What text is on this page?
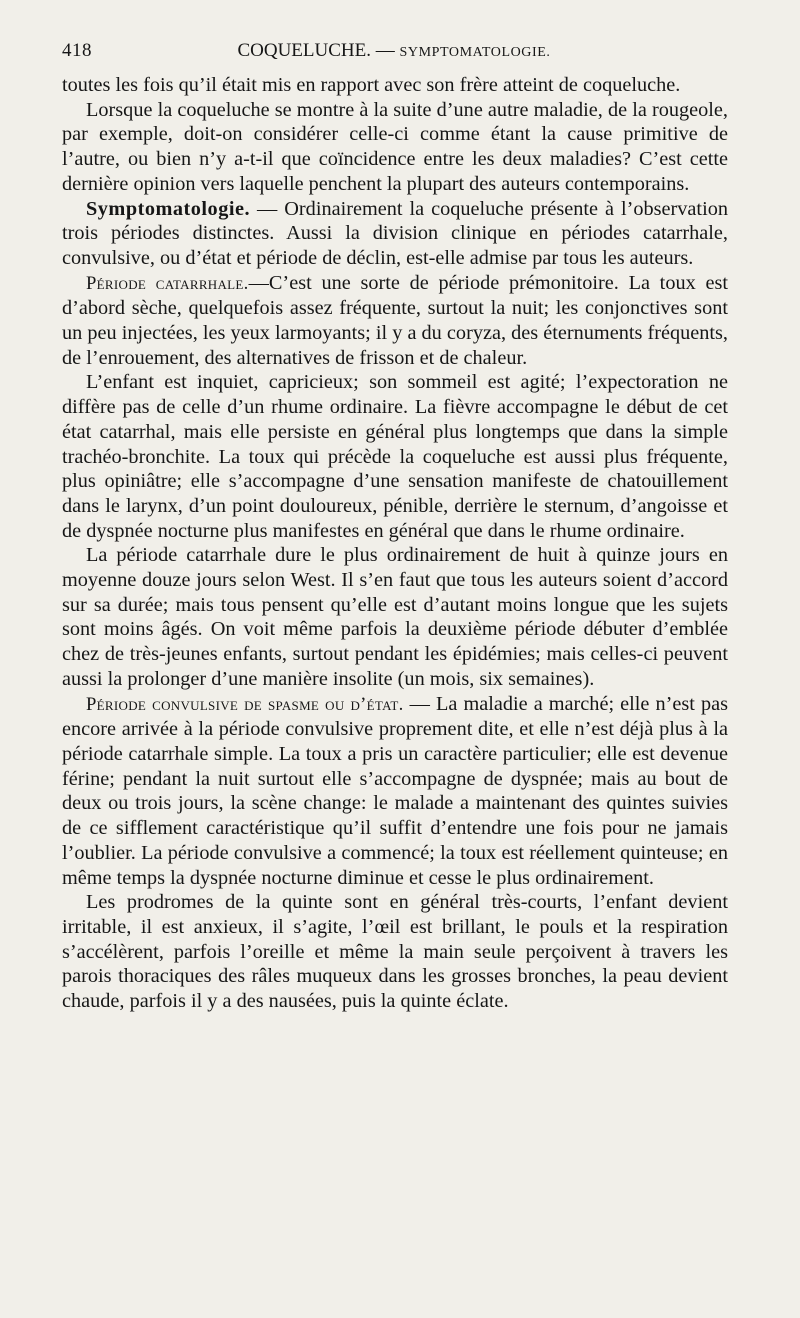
418	COQUELUCHE. — SYMPTOMATOLOGIE.

toutes les fois qu’il était mis en rapport avec son frère atteint de coqueluche.

Lorsque la coqueluche se montre à la suite d’une autre maladie, de la rougeole, par exemple, doit-on considérer celle-ci comme étant la cause primitive de l’autre, ou bien n’y a-t-il que coïncidence entre les deux maladies? C’est cette dernière opinion vers laquelle penchent la plupart des auteurs contemporains.

Symptomatologie. — Ordinairement la coqueluche présente à l’observation trois périodes distinctes. Aussi la division clinique en périodes catarrhale, convulsive, ou d’état et période de déclin, est-elle admise par tous les auteurs.

Période catarrhale.—C’est une sorte de période prémonitoire. La toux est d’abord sèche, quelquefois assez fréquente, surtout la nuit; les conjonctives sont un peu injectées, les yeux larmoyants; il y a du coryza, des éternuments fréquents, de l’enrouement, des alternatives de frisson et de chaleur.

L’enfant est inquiet, capricieux; son sommeil est agité; l’expectoration ne diffère pas de celle d’un rhume ordinaire. La fièvre accompagne le début de cet état catarrhal, mais elle persiste en général plus longtemps que dans la simple trachéo-bronchite. La toux qui précède la coqueluche est aussi plus fréquente, plus opiniâtre; elle s’accompagne d’une sensation manifeste de chatouillement dans le larynx, d’un point douloureux, pénible, derrière le sternum, d’angoisse et de dyspnée nocturne plus manifestes en général que dans le rhume ordinaire.

La période catarrhale dure le plus ordinairement de huit à quinze jours en moyenne douze jours selon West. Il s’en faut que tous les auteurs soient d’accord sur sa durée; mais tous pensent qu’elle est d’autant moins longue que les sujets sont moins âgés. On voit même parfois la deuxième période débuter d’emblée chez de très-jeunes enfants, surtout pendant les épidémies; mais celles-ci peuvent aussi la prolonger d’une manière insolite (un mois, six semaines).

Période convulsive de spasme ou d’état. — La maladie a marché; elle n’est pas encore arrivée à la période convulsive proprement dite, et elle n’est déjà plus à la période catarrhale simple. La toux a pris un caractère particulier; elle est devenue férine; pendant la nuit surtout elle s’accompagne de dyspnée; mais au bout de deux ou trois jours, la scène change: le malade a maintenant des quintes suivies de ce sifflement caractéristique qu’il suffit d’entendre une fois pour ne jamais l’oublier. La période convulsive a commencé; la toux est réellement quinteuse; en même temps la dyspnée nocturne diminue et cesse le plus ordinairement.

Les prodromes de la quinte sont en général très-courts, l’enfant devient irritable, il est anxieux, il s’agite, l’œil est brillant, le pouls et la respiration s’accélèrent, parfois l’oreille et même la main seule perçoivent à travers les parois thoraciques des râles muqueux dans les grosses bronches, la peau devient chaude, parfois il y a des nausées, puis la quinte éclate.
